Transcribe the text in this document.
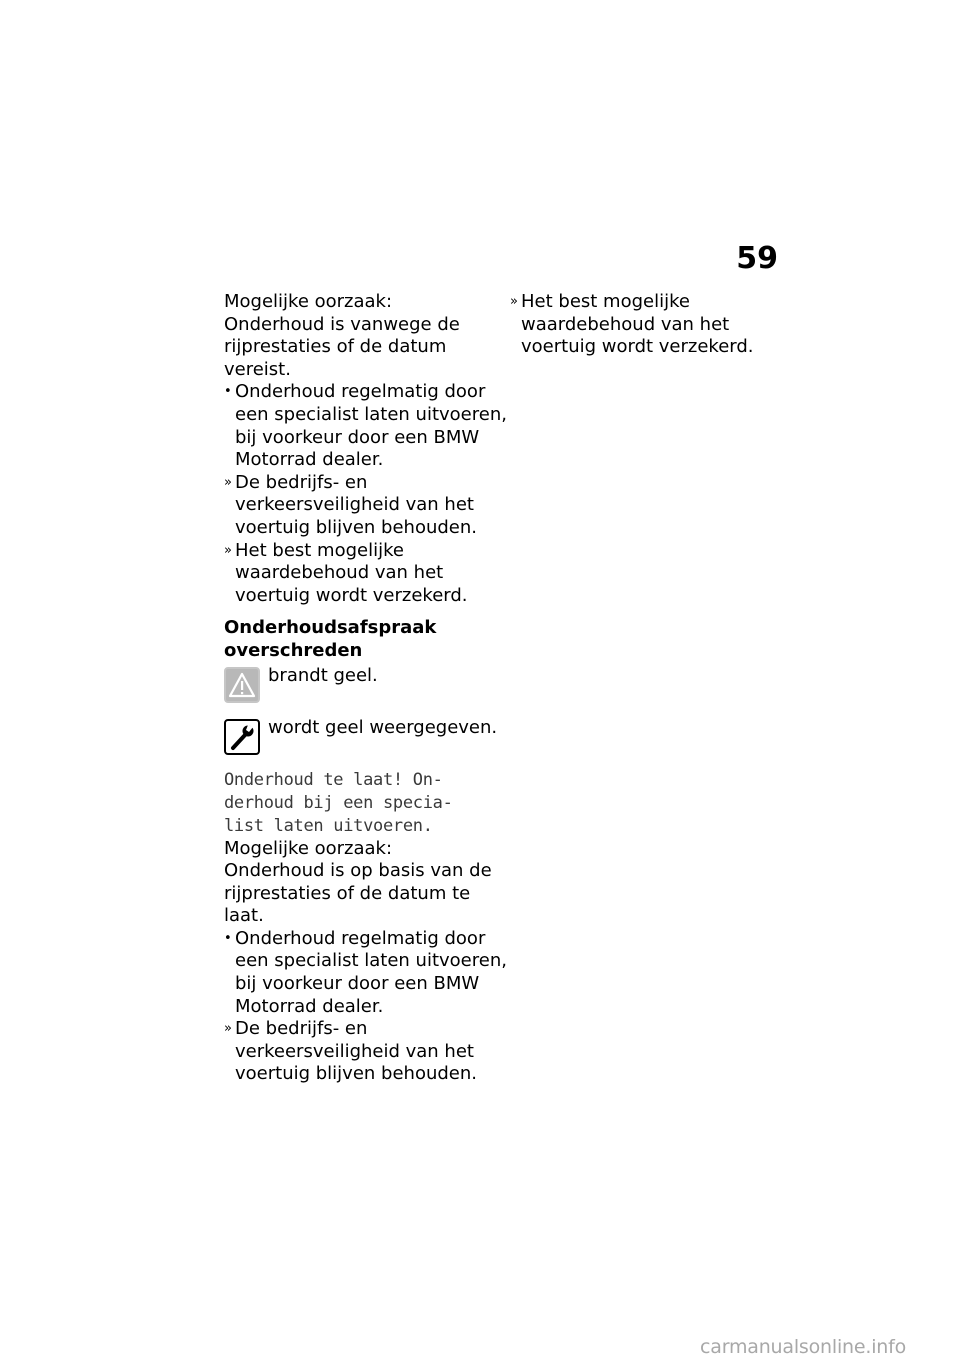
59

Mogelijke oorzaak:

Onderhoud is vanwege de rijprestaties of de datum vereist.

• Onderhoud regelmatig door een specialist laten uitvoeren, bij voorkeur door een BMW Motorrad dealer.
» De bedrijfs- en verkeersveiligheid van het voertuig blijven behouden.
» Het best mogelijke waardebehoud van het voertuig wordt verzekerd.

Onderhoudsafspraak overschreden

brandt geel.
wordt geel weergegeven.

Onderhoud te laat! On-
derhoud bij een specia-
list laten uitvoeren.

Mogelijke oorzaak:

Onderhoud is op basis van de rijprestaties of de datum te laat.

• Onderhoud regelmatig door een specialist laten uitvoeren, bij voorkeur door een BMW Motorrad dealer.
» De bedrijfs- en verkeersveiligheid van het voertuig blijven behouden.
» Het best mogelijke waardebehoud van het voertuig wordt verzekerd.
carmanualsonline.info
